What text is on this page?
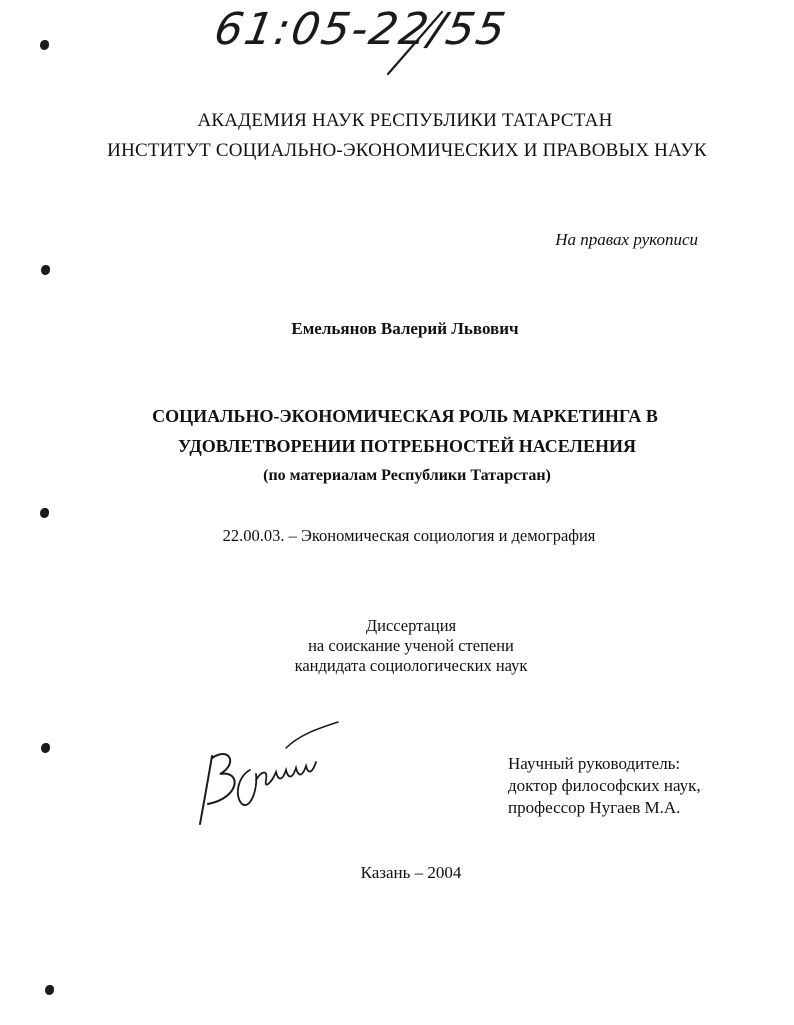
61:05-22/55
АКАДЕМИЯ НАУК РЕСПУБЛИКИ ТАТАРСТАН
ИНСТИТУТ СОЦИАЛЬНО-ЭКОНОМИЧЕСКИХ И ПРАВОВЫХ НАУК
На правах рукописи
Емельянов Валерий Львович
СОЦИАЛЬНО-ЭКОНОМИЧЕСКАЯ РОЛЬ МАРКЕТИНГА В
УДОВЛЕТВОРЕНИИ ПОТРЕБНОСТЕЙ НАСЕЛЕНИЯ
(по материалам Республики Татарстан)
22.00.03. – Экономическая социология и демография
Диссертация
на соискание ученой степени
кандидата социологических наук
Научный руководитель:
доктор философских наук,
профессор Нугаев М.А.
Казань – 2004
